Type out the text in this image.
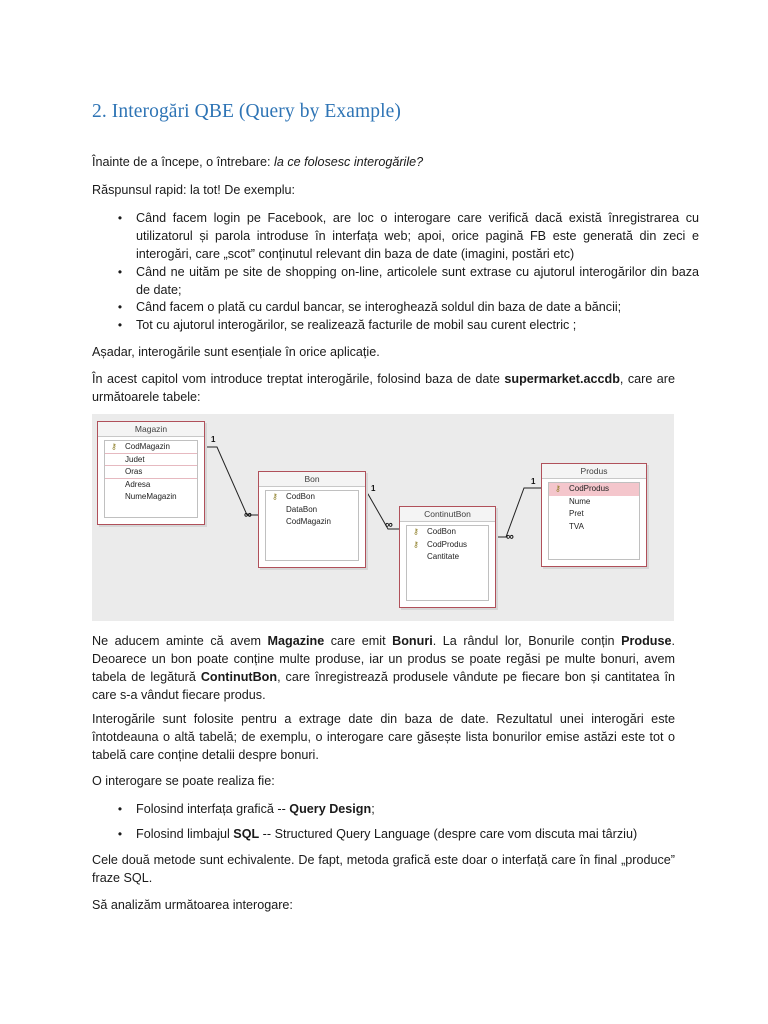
2. Interogări QBE (Query by Example)

Înainte de a începe, o întrebare: la ce folosesc interogările?

Răspunsul rapid: la tot! De exemplu:

•	Când facem login pe Facebook, are loc o interogare care verifică dacă există înregistrarea cu utilizatorul și parola introduse în interfața web; apoi, orice pagină FB este generată din zeci e interogări, care „scot” conținutul relevant din baza de date (imagini, postări etc)
•	Când ne uităm pe site de shopping on-line, articolele sunt extrase cu ajutorul interogărilor din baza de date;
•	Când facem o plată cu cardul bancar, se interoghează soldul din baza de date a băncii;
•	Tot cu ajutorul interogărilor, se realizează facturile de mobil sau curent electric ;

Așadar, interogările sunt esențiale în orice aplicație.

În acest capitol vom introduce treptat interogările, folosind baza de date supermarket.accdb, care are următoarele tabele:

1
∞
1
∞
1
∞
Magazin
⚷ CodMagazin
Judet
Oras
Adresa
NumeMagazin
Bon
⚷ CodBon
DataBon
CodMagazin
ContinutBon
⚷ CodBon
⚷ CodProdus
Cantitate
Produs
⚷ CodProdus
Nume
Pret
TVA

Ne aducem aminte că avem Magazine care emit Bonuri. La rândul lor, Bonurile conțin Produse. Deoarece un bon poate conține multe produse, iar un produs se poate regăsi pe multe bonuri, avem tabela de legătură ContinutBon, care înregistrează produsele vândute pe fiecare bon și cantitatea în care s-a vândut fiecare produs.

Interogările sunt folosite pentru a extrage date din baza de date. Rezultatul unei interogări este întotdeauna o altă tabelă; de exemplu, o interogare care găsește lista bonurilor emise astăzi este tot o tabelă care conține detalii despre bonuri.

O interogare se poate realiza fie:

•	Folosind interfața grafică -- Query Design;
•	Folosind limbajul SQL -- Structured Query Language (despre care vom discuta mai târziu)

Cele două metode sunt echivalente. De fapt, metoda grafică este doar o interfață care în final „produce” fraze SQL.

Să analizăm următoarea interogare:
